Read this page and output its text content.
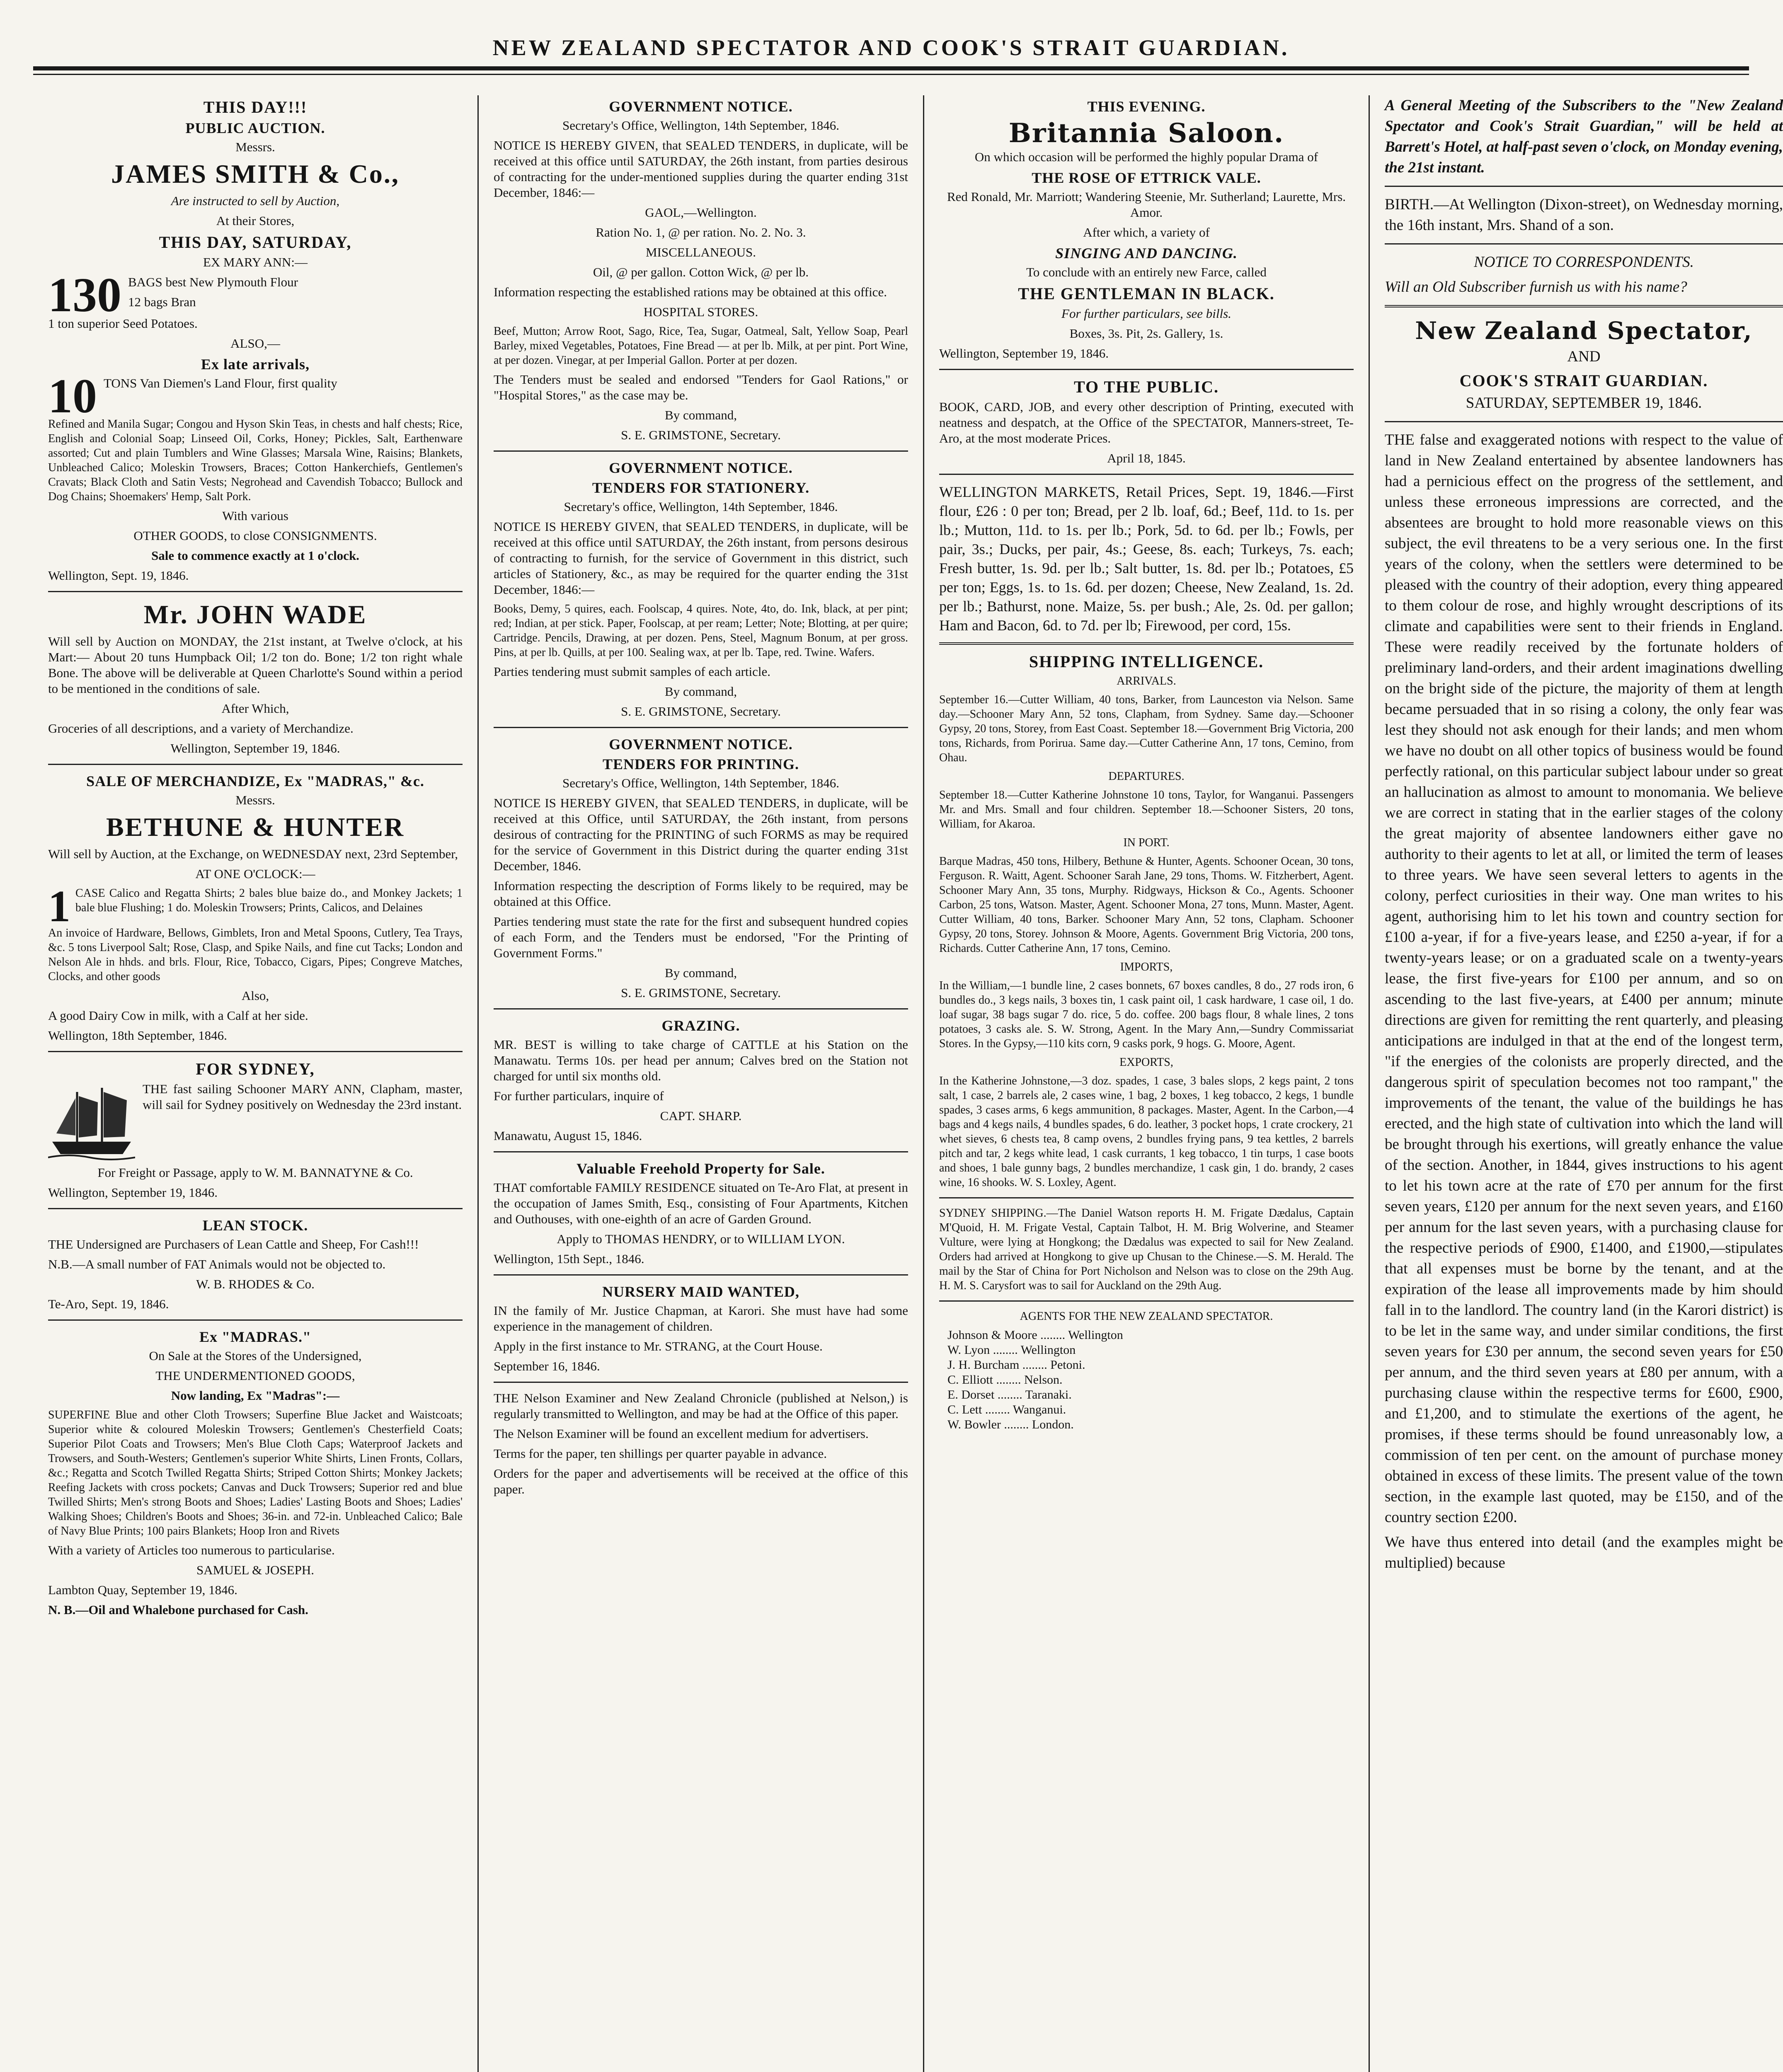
NEW ZEALAND SPECTATOR AND COOK'S STRAIT GUARDIAN.
THIS DAY!!!
PUBLIC AUCTION.

Messrs.

JAMES SMITH & Co.,

Are instructed to sell by Auction,

At their Stores,

THIS DAY, SATURDAY,

EX MARY ANN:—

130 BAGS best New Plymouth Flour

12 bags Bran

1 ton superior Seed Potatoes.

ALSO,—

Ex late arrivals,
10 TONS Van Diemen's Land Flour, first quality

Refined and Manila Sugar; Congou and Hyson Skin Teas, in chests and half chests; Rice, English and Colonial Soap; Linseed Oil, Corks, Honey; Pickles, Salt, Earthenware assorted; Cut and plain Tumblers and Wine Glasses; Marsala Wine, Raisins; Blankets, Unbleached Calico; Moleskin Trowsers, Braces; Cotton Hankerchiefs, Gentlemen's Cravats; Black Cloth and Satin Vests; Negrohead and Cavendish Tobacco; Bullock and Dog Chains; Shoemakers' Hemp, Salt Pork.

With various

OTHER GOODS, to close CONSIGNMENTS.

Sale to commence exactly at 1 o'clock.

Wellington, Sept. 19, 1846.

Mr. JOHN WADE

Will sell by Auction on MONDAY, the 21st instant, at Twelve o'clock, at his Mart:— About 20 tuns Humpback Oil; 1/2 ton do. Bone; 1/2 ton right whale Bone. The above will be deliverable at Queen Charlotte's Sound within a period to be mentioned in the conditions of sale.

After Which,

Groceries of all descriptions, and a variety of Merchandize.

Wellington, September 19, 1846.

SALE OF MERCHANDIZE, Ex "MADRAS," &c.

Messrs.

BETHUNE & HUNTER

Will sell by Auction, at the Exchange, on WEDNESDAY next, 23rd September,

AT ONE O'CLOCK:—

1 CASE Calico and Regatta Shirts; 2 bales blue baize do., and Monkey Jackets; 1 bale blue Flushing; 1 do. Moleskin Trowsers; Prints, Calicos, and Delaines

An invoice of Hardware, Bellows, Gimblets, Iron and Metal Spoons, Cutlery, Tea Trays, &c. 5 tons Liverpool Salt; Rose, Clasp, and Spike Nails, and fine cut Tacks; London and Nelson Ale in hhds. and brls. Flour, Rice, Tobacco, Cigars, Pipes; Congreve Matches, Clocks, and other goods

Also,

A good Dairy Cow in milk, with a Calf at her side.

Wellington, 18th September, 1846.

FOR SYDNEY,

THE fast sailing Schooner MARY ANN, Clapham, master, will sail for Sydney positively on Wednesday the 23rd instant.

For Freight or Passage, apply to W. M. BANNATYNE & Co.

Wellington, September 19, 1846.

LEAN STOCK.

THE Undersigned are Purchasers of Lean Cattle and Sheep, For Cash!!!

N.B.—A small number of FAT Animals would not be objected to.

W. B. RHODES & Co.

Te-Aro, Sept. 19, 1846.

Ex "MADRAS."

On Sale at the Stores of the Undersigned,

THE UNDERMENTIONED GOODS,

Now landing, Ex "Madras":—

SUPERFINE Blue and other Cloth Trowsers; Superfine Blue Jacket and Waistcoats; Superior white & coloured Moleskin Trowsers; Gentlemen's Chesterfield Coats; Superior Pilot Coats and Trowsers; Men's Blue Cloth Caps; Waterproof Jackets and Trowsers, and South-Westers; Gentlemen's superior White Shirts, Linen Fronts, Collars, &c.; Regatta and Scotch Twilled Regatta Shirts; Striped Cotton Shirts; Monkey Jackets; Reefing Jackets with cross pockets; Canvas and Duck Trowsers; Superior red and blue Twilled Shirts; Men's strong Boots and Shoes; Ladies' Lasting Boots and Shoes; Ladies' Walking Shoes; Children's Boots and Shoes; 36-in. and 72-in. Unbleached Calico; Bale of Navy Blue Prints; 100 pairs Blankets; Hoop Iron and Rivets

With a variety of Articles too numerous to particularise.

SAMUEL & JOSEPH.

Lambton Quay, September 19, 1846.

N. B.—Oil and Whalebone purchased for Cash.

GOVERNMENT NOTICE.

Secretary's Office, Wellington, 14th September, 1846.

NOTICE IS HEREBY GIVEN, that SEALED TENDERS, in duplicate, will be received at this office until SATURDAY, the 26th instant, from parties desirous of contracting for the under-mentioned supplies during the quarter ending 31st December, 1846:—

GAOL,—Wellington.

Ration No. 1, @ per ration. No. 2. No. 3.

MISCELLANEOUS.

Oil, @ per gallon. Cotton Wick, @ per lb.

Information respecting the established rations may be obtained at this office.

HOSPITAL STORES.

Beef, Mutton; Arrow Root, Sago, Rice, Tea, Sugar, Oatmeal, Salt, Yellow Soap, Pearl Barley, mixed Vegetables, Potatoes, Fine Bread — at per lb. Milk, at per pint. Port Wine, at per dozen. Vinegar, at per Imperial Gallon. Porter at per dozen.

The Tenders must be sealed and endorsed "Tenders for Gaol Rations," or "Hospital Stores," as the case may be.

By command,

S. E. GRIMSTONE, Secretary.

GOVERNMENT NOTICE.
TENDERS FOR STATIONERY.

Secretary's office, Wellington, 14th September, 1846.

NOTICE IS HEREBY GIVEN, that SEALED TENDERS, in duplicate, will be received at this office until SATURDAY, the 26th instant, from persons desirous of contracting to furnish, for the service of Government in this district, such articles of Stationery, &c., as may be required for the quarter ending the 31st December, 1846:—

Books, Demy, 5 quires, each. Foolscap, 4 quires. Note, 4to, do. Ink, black, at per pint; red; Indian, at per stick. Paper, Foolscap, at per ream; Letter; Note; Blotting, at per quire; Cartridge. Pencils, Drawing, at per dozen. Pens, Steel, Magnum Bonum, at per gross. Pins, at per lb. Quills, at per 100. Sealing wax, at per lb. Tape, red. Twine. Wafers.

Parties tendering must submit samples of each article.

By command,

S. E. GRIMSTONE, Secretary.

GOVERNMENT NOTICE.
TENDERS FOR PRINTING.

Secretary's Office, Wellington, 14th September, 1846.

NOTICE IS HEREBY GIVEN, that SEALED TENDERS, in duplicate, will be received at this Office, until SATURDAY, the 26th instant, from persons desirous of contracting for the PRINTING of such FORMS as may be required for the service of Government in this District during the quarter ending 31st December, 1846.

Information respecting the description of Forms likely to be required, may be obtained at this Office.

Parties tendering must state the rate for the first and subsequent hundred copies of each Form, and the Tenders must be endorsed, "For the Printing of Government Forms."

By command,

S. E. GRIMSTONE, Secretary.

GRAZING.

MR. BEST is willing to take charge of CATTLE at his Station on the Manawatu. Terms 10s. per head per annum; Calves bred on the Station not charged for until six months old.

For further particulars, inquire of

CAPT. SHARP.

Manawatu, August 15, 1846.

Valuable Freehold Property for Sale.

THAT comfortable FAMILY RESIDENCE situated on Te-Aro Flat, at present in the occupation of James Smith, Esq., consisting of Four Apartments, Kitchen and Outhouses, with one-eighth of an acre of Garden Ground.

Apply to THOMAS HENDRY, or to WILLIAM LYON.

Wellington, 15th Sept., 1846.

NURSERY MAID WANTED,

IN the family of Mr. Justice Chapman, at Karori. She must have had some experience in the management of children.

Apply in the first instance to Mr. STRANG, at the Court House.

September 16, 1846.

THE Nelson Examiner and New Zealand Chronicle (published at Nelson,) is regularly transmitted to Wellington, and may be had at the Office of this paper.

The Nelson Examiner will be found an excellent medium for advertisers.

Terms for the paper, ten shillings per quarter payable in advance.

Orders for the paper and advertisements will be received at the office of this paper.

THIS EVENING.
Britannia Saloon.

On which occasion will be performed the highly popular Drama of

THE ROSE OF ETTRICK VALE.

Red Ronald, Mr. Marriott; Wandering Steenie, Mr. Sutherland; Laurette, Mrs. Amor.

After which, a variety of

SINGING AND DANCING.

To conclude with an entirely new Farce, called

THE GENTLEMAN IN BLACK.

For further particulars, see bills.

Boxes, 3s. Pit, 2s. Gallery, 1s.

Wellington, September 19, 1846.

TO THE PUBLIC.

BOOK, CARD, JOB, and every other description of Printing, executed with neatness and despatch, at the Office of the SPECTATOR, Manners-street, Te-Aro, at the most moderate Prices.

April 18, 1845.

WELLINGTON MARKETS, Retail Prices, Sept. 19, 1846.—First flour, £26 : 0 per ton; Bread, per 2 lb. loaf, 6d.; Beef, 11d. to 1s. per lb.; Mutton, 11d. to 1s. per lb.; Pork, 5d. to 6d. per lb.; Fowls, per pair, 3s.; Ducks, per pair, 4s.; Geese, 8s. each; Turkeys, 7s. each; Fresh butter, 1s. 9d. per lb.; Salt butter, 1s. 8d. per lb.; Potatoes, £5 per ton; Eggs, 1s. to 1s. 6d. per dozen; Cheese, New Zealand, 1s. 2d. per lb.; Bathurst, none. Maize, 5s. per bush.; Ale, 2s. 0d. per gallon; Ham and Bacon, 6d. to 7d. per lb; Firewood, per cord, 15s.

SHIPPING INTELLIGENCE.

ARRIVALS.

September 16.—Cutter William, 40 tons, Barker, from Launceston via Nelson. Same day.—Schooner Mary Ann, 52 tons, Clapham, from Sydney. Same day.—Schooner Gypsy, 20 tons, Storey, from East Coast. September 18.—Government Brig Victoria, 200 tons, Richards, from Porirua. Same day.—Cutter Catherine Ann, 17 tons, Cemino, from Ohau.

DEPARTURES.

September 18.—Cutter Katherine Johnstone 10 tons, Taylor, for Wanganui. Passengers Mr. and Mrs. Small and four children. September 18.—Schooner Sisters, 20 tons, William, for Akaroa.

IN PORT.

Barque Madras, 450 tons, Hilbery, Bethune & Hunter, Agents. Schooner Ocean, 30 tons, Ferguson. R. Waitt, Agent. Schooner Sarah Jane, 29 tons, Thoms. W. Fitzherbert, Agent. Schooner Mary Ann, 35 tons, Murphy. Ridgways, Hickson & Co., Agents. Schooner Carbon, 25 tons, Watson. Master, Agent. Schooner Mona, 27 tons, Munn. Master, Agent. Cutter William, 40 tons, Barker. Schooner Mary Ann, 52 tons, Clapham. Schooner Gypsy, 20 tons, Storey. Johnson & Moore, Agents. Government Brig Victoria, 200 tons, Richards. Cutter Catherine Ann, 17 tons, Cemino.

IMPORTS,

In the William,—1 bundle line, 2 cases bonnets, 67 boxes candles, 8 do., 27 rods iron, 6 bundles do., 3 kegs nails, 3 boxes tin, 1 cask paint oil, 1 cask hardware, 1 case oil, 1 do. loaf sugar, 38 bags sugar 7 do. rice, 5 do. coffee. 200 bags flour, 8 whale lines, 2 tons potatoes, 3 casks ale. S. W. Strong, Agent. In the Mary Ann,—Sundry Commissariat Stores. In the Gypsy,—110 kits corn, 9 casks pork, 9 hogs. G. Moore, Agent.

EXPORTS,

In the Katherine Johnstone,—3 doz. spades, 1 case, 3 bales slops, 2 kegs paint, 2 tons salt, 1 case, 2 barrels ale, 2 cases wine, 1 bag, 2 boxes, 1 keg tobacco, 2 kegs, 1 bundle spades, 3 cases arms, 6 kegs ammunition, 8 packages. Master, Agent. In the Carbon,—4 bags and 4 kegs nails, 4 bundles spades, 6 do. leather, 3 pocket hops, 1 crate crockery, 21 whet sieves, 6 chests tea, 8 camp ovens, 2 bundles frying pans, 9 tea kettles, 2 barrels pitch and tar, 2 kegs white lead, 1 cask currants, 1 keg tobacco, 1 tin turps, 1 case boots and shoes, 1 bale gunny bags, 2 bundles merchandize, 1 cask gin, 1 do. brandy, 2 cases wine, 16 shooks. W. S. Loxley, Agent.

SYDNEY SHIPPING.—The Daniel Watson reports H. M. Frigate Dædalus, Captain M'Quoid, H. M. Frigate Vestal, Captain Talbot, H. M. Brig Wolverine, and Steamer Vulture, were lying at Hongkong; the Dædalus was expected to sail for New Zealand. Orders had arrived at Hongkong to give up Chusan to the Chinese.—S. M. Herald. The mail by the Star of China for Port Nicholson and Nelson was to close on the 29th Aug. H. M. S. Carysfort was to sail for Auckland on the 29th Aug.

AGENTS FOR THE NEW ZEALAND SPECTATOR.

Johnson & Moore ........ Wellington
W. Lyon ........ Wellington
J. H. Burcham ........ Petoni.
C. Elliott ........ Nelson.
E. Dorset ........ Taranaki.
C. Lett ........ Wanganui.
W. Bowler ........ London.

A General Meeting of the Subscribers to the "New Zealand Spectator and Cook's Strait Guardian," will be held at Barrett's Hotel, at half-past seven o'clock, on Monday evening, the 21st instant.

BIRTH.—At Wellington (Dixon-street), on Wednesday morning, the 16th instant, Mrs. Shand of a son.

NOTICE TO CORRESPONDENTS.

Will an Old Subscriber furnish us with his name?

New Zealand Spectator,

AND

COOK'S STRAIT GUARDIAN.

SATURDAY, SEPTEMBER 19, 1846.

THE false and exaggerated notions with respect to the value of land in New Zealand entertained by absentee landowners has had a pernicious effect on the progress of the settlement, and unless these erroneous impressions are corrected, and the absentees are brought to hold more reasonable views on this subject, the evil threatens to be a very serious one. In the first years of the colony, when the settlers were determined to be pleased with the country of their adoption, every thing appeared to them colour de rose, and highly wrought descriptions of its climate and capabilities were sent to their friends in England. These were readily received by the fortunate holders of preliminary land-orders, and their ardent imaginations dwelling on the bright side of the picture, the majority of them at length became persuaded that in so rising a colony, the only fear was lest they should not ask enough for their lands; and men whom we have no doubt on all other topics of business would be found perfectly rational, on this particular subject labour under so great an hallucination as almost to amount to monomania. We believe we are correct in stating that in the earlier stages of the colony the great majority of absentee landowners either gave no authority to their agents to let at all, or limited the term of leases to three years. We have seen several letters to agents in the colony, perfect curiosities in their way. One man writes to his agent, authorising him to let his town and country section for £100 a-year, if for a five-years lease, and £250 a-year, if for a twenty-years lease; or on a graduated scale on a twenty-years lease, the first five-years for £100 per annum, and so on ascending to the last five-years, at £400 per annum; minute directions are given for remitting the rent quarterly, and pleasing anticipations are indulged in that at the end of the longest term, "if the energies of the colonists are properly directed, and the dangerous spirit of speculation becomes not too rampant," the improvements of the tenant, the value of the buildings he has erected, and the high state of cultivation into which the land will be brought through his exertions, will greatly enhance the value of the section. Another, in 1844, gives instructions to his agent to let his town acre at the rate of £70 per annum for the first seven years, £120 per annum for the next seven years, and £160 per annum for the last seven years, with a purchasing clause for the respective periods of £900, £1400, and £1900,—stipulates that all expenses must be borne by the tenant, and at the expiration of the lease all improvements made by him should fall in to the landlord. The country land (in the Karori district) is to be let in the same way, and under similar conditions, the first seven years for £30 per annum, the second seven years for £50 per annum, and the third seven years at £80 per annum, with a purchasing clause within the respective terms for £600, £900, and £1,200, and to stimulate the exertions of the agent, he promises, if these terms should be found unreasonably low, a commission of ten per cent. on the amount of purchase money obtained in excess of these limits. The present value of the town section, in the example last quoted, may be £150, and of the country section £200.

We have thus entered into detail (and the examples might be multiplied) because
